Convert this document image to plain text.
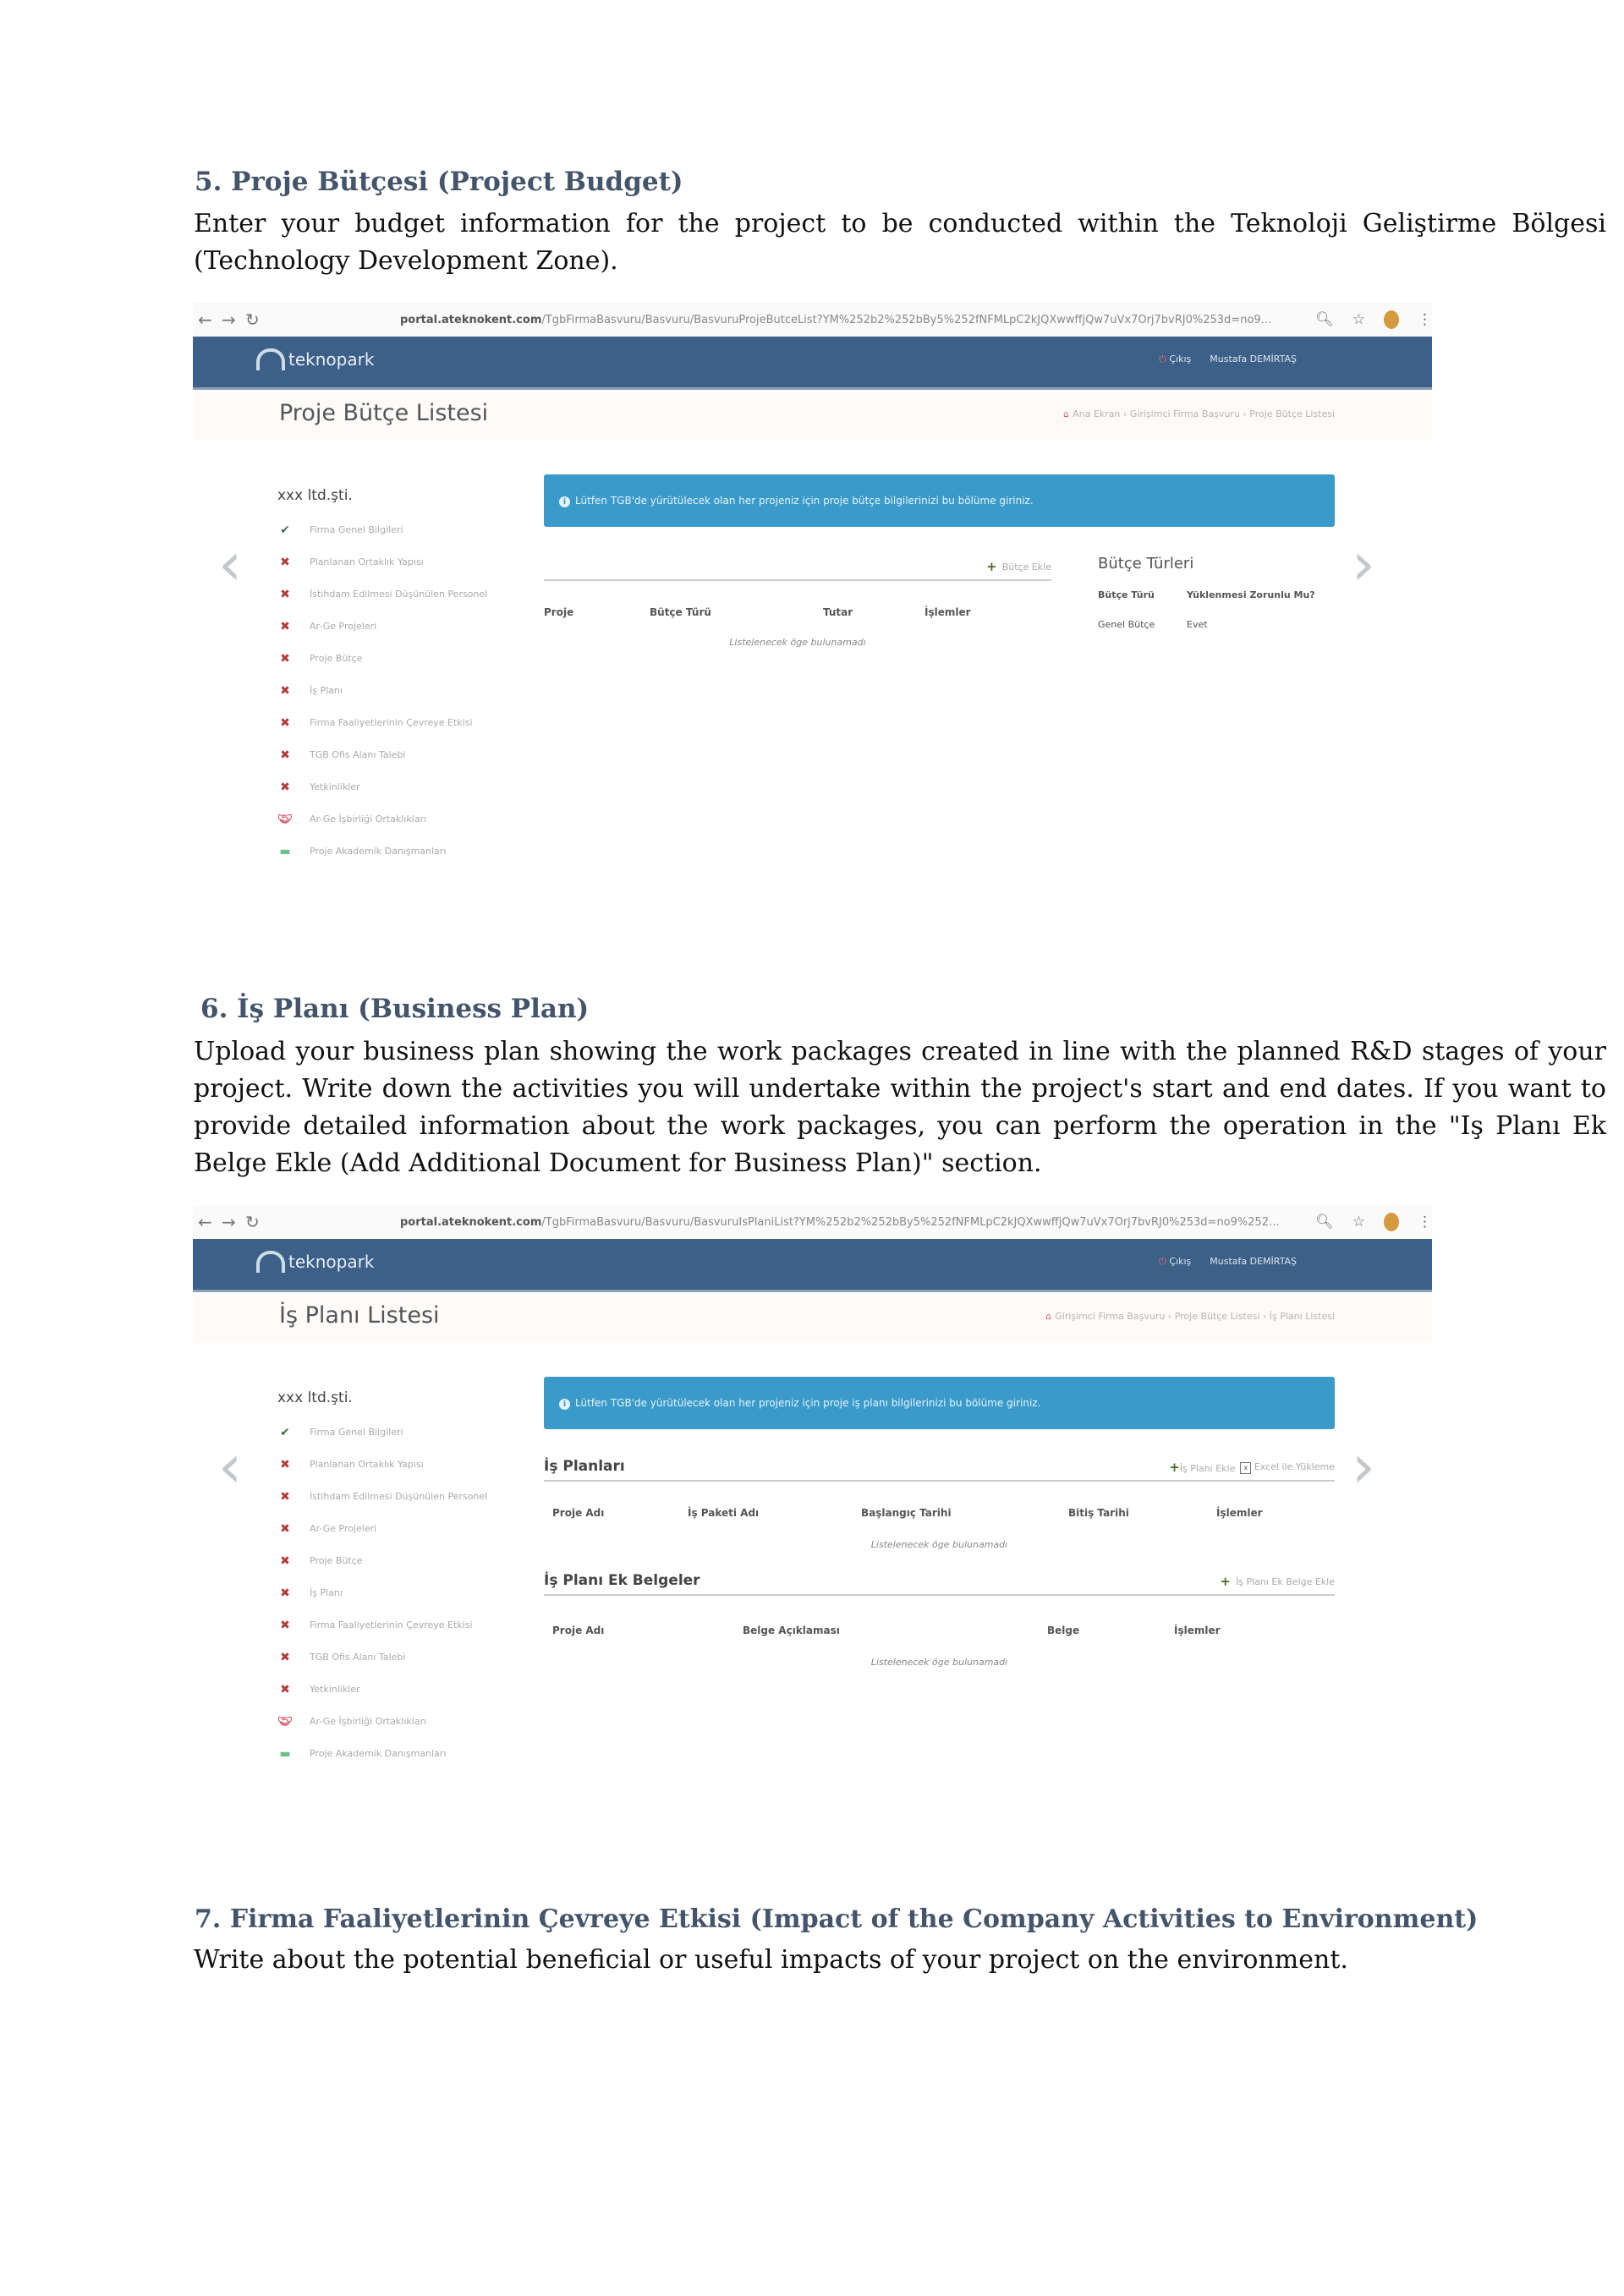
5. Proje Bütçesi (Project Budget)
Enter your budget information for the project to be conducted within the Teknoloji Geliştirme Bölgesi (Technology Development Zone).
← → ↻	portal.ateknokent.com/TgbFirmaBasvuru/Basvuru/BasvuruProjeButceList?YM%252b2%252bBy5%252fNFMLpC2kJQXwwffjQw7uVx7Orj7bvRJ0%253d=no9...	🔍︎ ☆	⋮
teknopark	⏻ Çıkış Mustafa DEMİRTAŞ
Proje Bütçe Listesi	⌂ Ana Ekran › Girişimci Firma Başvuru › Proje Bütçe Listesi
‹	›
xxx ltd.şti.
✔ Firma Genel Bilgileri
✖ Planlanan Ortaklık Yapısı
✖ İstihdam Edilmesi Düşünülen Personel
✖ Ar-Ge Projeleri
✖ Proje Bütçe
✖ İş Planı
✖ Firma Faaliyetlerinin Çevreye Etkisi
✖ TGB Ofis Alanı Talebi
✖ Yetkinlikler
🤝︎ Ar-Ge İşbirliği Ortaklıkları
▬ Proje Akademik Danışmanları
i Lütfen TGB'de yürütülecek olan her projeniz için proje bütçe bilgilerinizi bu bölüme giriniz.
+ Bütçe Ekle
Proje	Bütçe Türü	Tutar	İşlemler
Listelenecek öge bulunamadı
Bütçe Türleri
Bütçe Türü	Yüklenmesi Zorunlu Mu?
Genel Bütçe	Evet
6. İş Planı (Business Plan)
Upload your business plan showing the work packages created in line with the planned R&D stages of your project. Write down the activities you will undertake within the project's start and end dates. If you want to provide detailed information about the work packages, you can perform the operation in the "Iş Planı Ek Belge Ekle (Add Additional Document for Business Plan)" section.
← → ↻	portal.ateknokent.com/TgbFirmaBasvuru/Basvuru/BasvuruIsPlaniList?YM%252b2%252bBy5%252fNFMLpC2kJQXwwffjQw7uVx7Orj7bvRJ0%253d=no9%252...	🔍︎ ☆	⋮
teknopark	⏻ Çıkış Mustafa DEMİRTAŞ
İş Planı Listesi	⌂ Girişimci Firma Başvuru › Proje Bütçe Listesi › İş Planı Listesi
‹	›
xxx ltd.şti.
✔ Firma Genel Bilgileri
✖ Planlanan Ortaklık Yapısı
✖ İstihdam Edilmesi Düşünülen Personel
✖ Ar-Ge Projeleri
✖ Proje Bütçe
✖ İş Planı
✖ Firma Faaliyetlerinin Çevreye Etkisi
✖ TGB Ofis Alanı Talebi
✖ Yetkinlikler
🤝︎ Ar-Ge İşbirliği Ortaklıkları
▬ Proje Akademik Danışmanları
i Lütfen TGB'de yürütülecek olan her projeniz için proje iş planı bilgilerinizi bu bölüme giriniz.
İş Planları	+İş Planı Ekle	x Excel ile Yükleme
Proje Adı	İş Paketi Adı	Başlangıç Tarihi	Bitiş Tarihi	İşlemler
Listelenecek öge bulunamadı
İş Planı Ek Belgeler	+ İş Planı Ek Belge Ekle
Proje Adı	Belge Açıklaması	Belge	İşlemler
Listelenecek öge bulunamadı
7. Firma Faaliyetlerinin Çevreye Etkisi (Impact of the Company Activities to Environment)
Write about the potential beneficial or useful impacts of your project on the environment.
